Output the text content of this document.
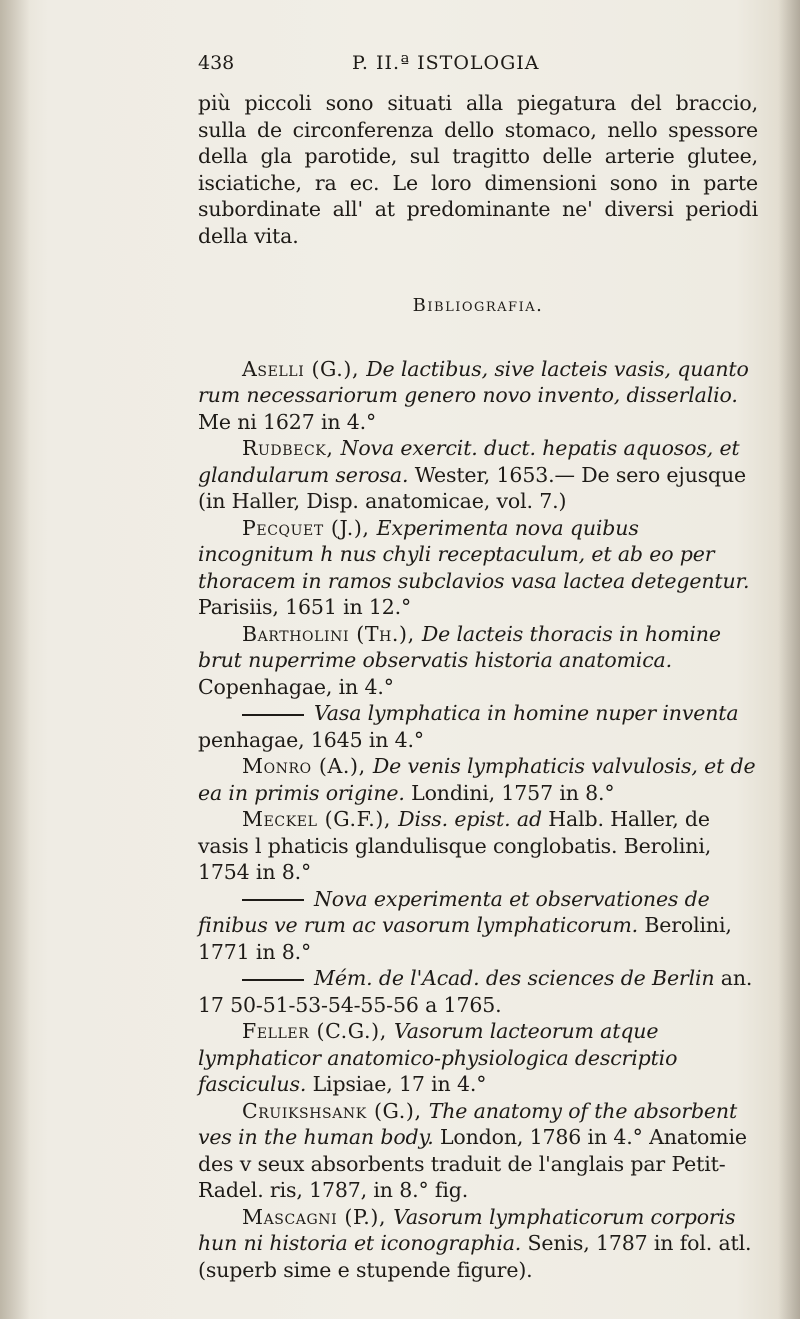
438	P. II.ª ISTOLOGIA

più piccoli sono situati alla piegatura del braccio, sulla de circonferenza dello stomaco, nello spessore della gla parotide, sul tragitto delle arterie glutee, isciatiche, ra ec. Le loro dimensioni sono in parte subordinate all' at predominante ne' diversi periodi della vita.

Bibliografia.

Aselli (G.), De lactibus, sive lacteis vasis, quanto rum necessariorum genero novo invento, disserlalio. Me ni 1627 in 4.°

Rudbeck, Nova exercit. duct. hepatis aquosos, et glandularum serosa. Wester, 1653.— De sero ejusque (in Haller, Disp. anatomicae, vol. 7.)

Pecquet (J.), Experimenta nova quibus incognitum h nus chyli receptaculum, et ab eo per thoracem in ramos subclavios vasa lactea detegentur. Parisiis, 1651 in 12.°

Bartholini (Th.), De lacteis thoracis in homine brut nuperrime observatis historia anatomica. Copenhagae, in 4.°

Vasa lymphatica in homine nuper inventa penhagae, 1645 in 4.°

Monro (A.), De venis lymphaticis valvulosis, et de ea in primis origine. Londini, 1757 in 8.°

Meckel (G.F.), Diss. epist. ad Halb. Haller, de vasis l phaticis glandulisque conglobatis. Berolini, 1754 in 8.°

Nova experimenta et observationes de finibus ve rum ac vasorum lymphaticorum. Berolini, 1771 in 8.°

Mém. de l'Acad. des sciences de Berlin an. 17 50-51-53-54-55-56 a 1765.

Feller (C.G.), Vasorum lacteorum atque lymphaticor anatomico-physiologica descriptio fasciculus. Lipsiae, 17 in 4.°

Cruikshsank (G.), The anatomy of the absorbent ves in the human body. London, 1786 in 4.° Anatomie des v seux absorbents traduit de l'anglais par Petit-Radel. ris, 1787, in 8.° fig.

Mascagni (P.), Vasorum lymphaticorum corporis hun ni historia et iconographia. Senis, 1787 in fol. atl. (superb sime e stupende figure).
